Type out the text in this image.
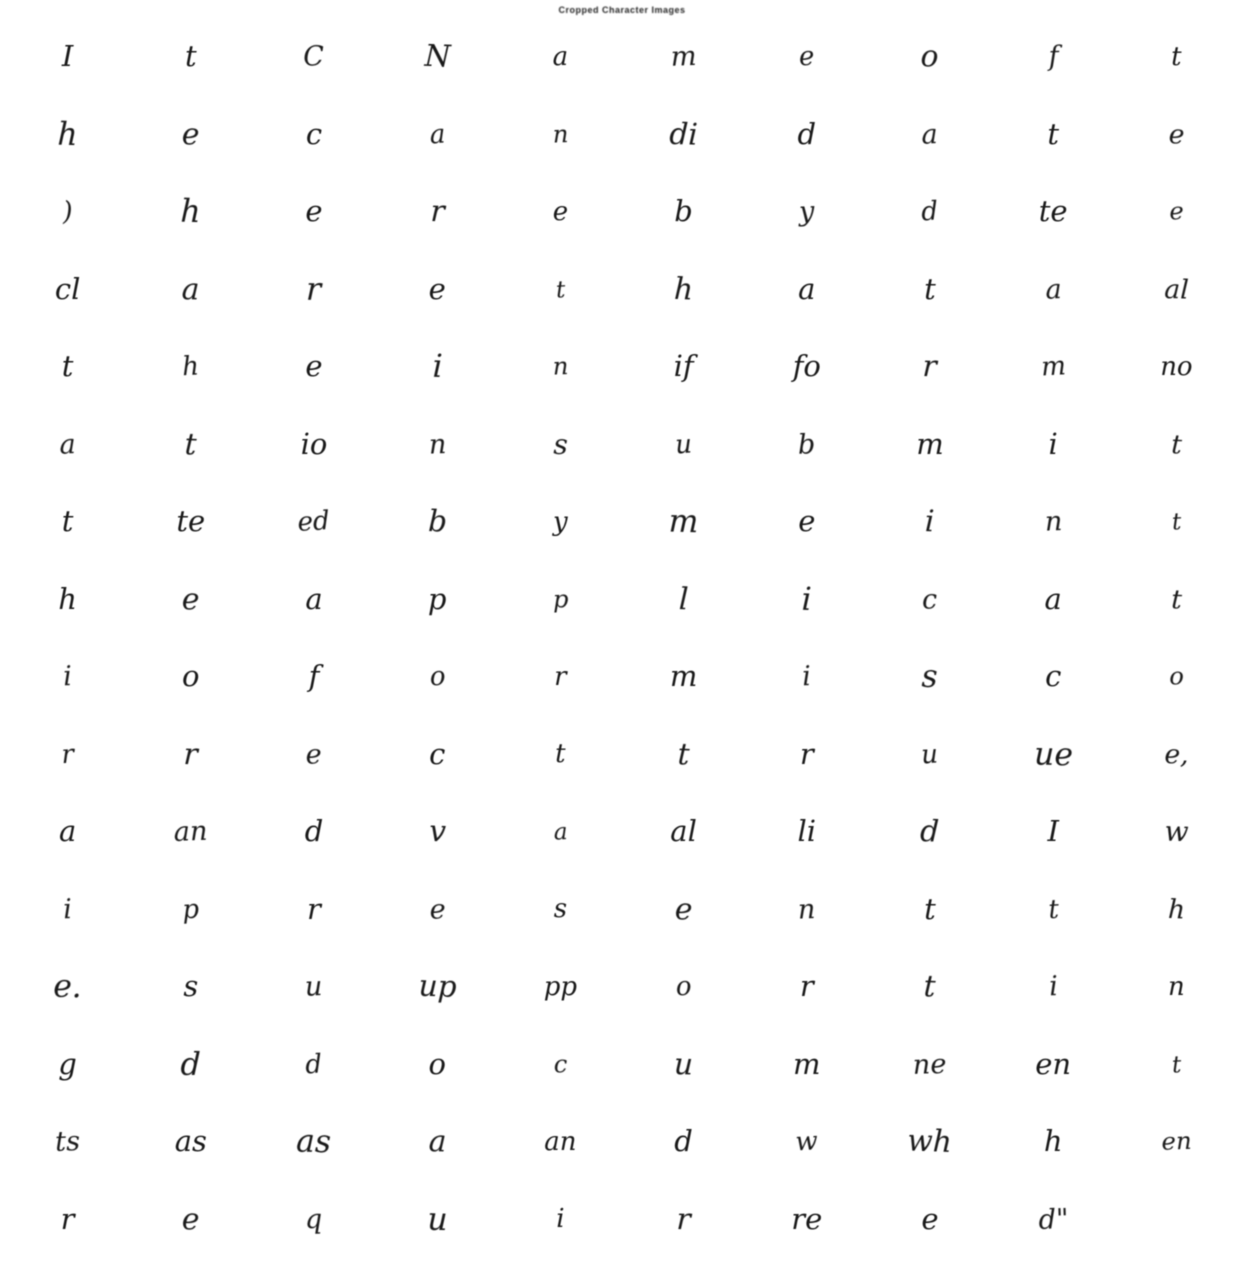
Cropped Character Images
I	t	C	N	a	m	e	o	f	t
h	e	c	a	n	di	d	a	t	e
)	h	e	r	e	b	y	d	te	e
cl	a	r	e	t	h	a	t	a	al
t	h	e	i	n	if	fo	r	m	no
a	t	io	n	s	u	b	m	i	t
t	te	ed	b	y	m	e	i	n	t
h	e	a	p	p	l	i	c	a	t
i	o	f	o	r	m	i	s	c	o
r	r	e	c	t	t	r	u	ue	e,
a	an	d	v	a	al	li	d	I	w
i	p	r	e	s	e	n	t	t	h
e.	s	u	up	pp	o	r	t	i	n
g	d	d	o	c	u	m	ne	en	t
ts	as	as	a	an	d	w	wh	h	en
r	e	q	u	i	r	re	e	d"
